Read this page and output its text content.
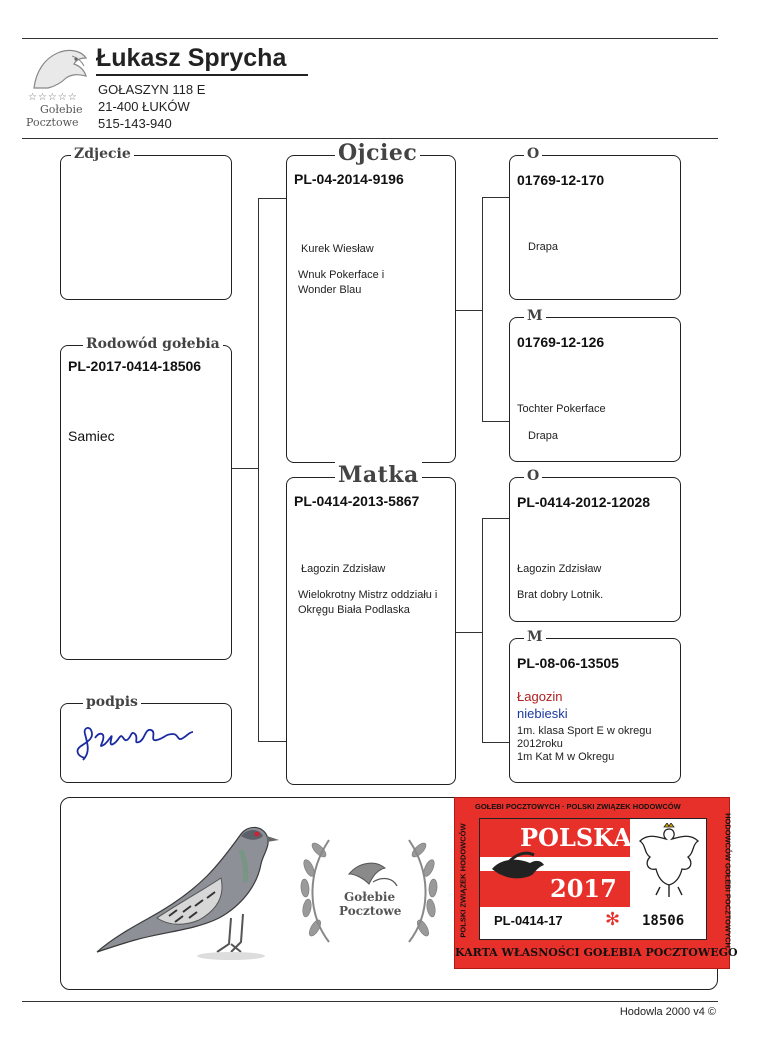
☆☆☆☆☆
Gołebie
Pocztowe
Łukasz Sprycha
GOŁASZYN 118 E
21-400 ŁUKÓW
515-143-940
Zdjecie
Rodowód gołebia
PL-2017-0414-18506
Samiec
podpis
Ojciec
PL-04-2014-9196
Kurek Wiesław
Wnuk Pokerface i
Wonder Blau
Matka
PL-0414-2013-5867
Łagozin Zdzisław
Wielokrotny Mistrz oddziału i
Okręgu Biała Podlaska
O
01769-12-170
Drapa
M
01769-12-126
Tochter Pokerface
Drapa
O
PL-0414-2012-12028
Łagozin Zdzisław
Brat dobry Lotnik.
M
PL-08-06-13505
Łagozin
niebieski
1m. klasa Sport E w okregu
2012roku
1m Kat M w Okregu
Gołebie
Pocztowe
GOŁEBI POCZTOWYCH · POLSKI ZWIĄZEK HODOWCÓW
POLSKI ZWIĄZEK HODOWCÓW	HODOWCÓW GOŁEBI POCZTOWYCH
POLSKA
2017
PL-0414-17 ✻ 18506
KARTA WŁASNOŚCI GOŁEBIA POCZTOWEGO
Hodowla 2000 v4 ©
